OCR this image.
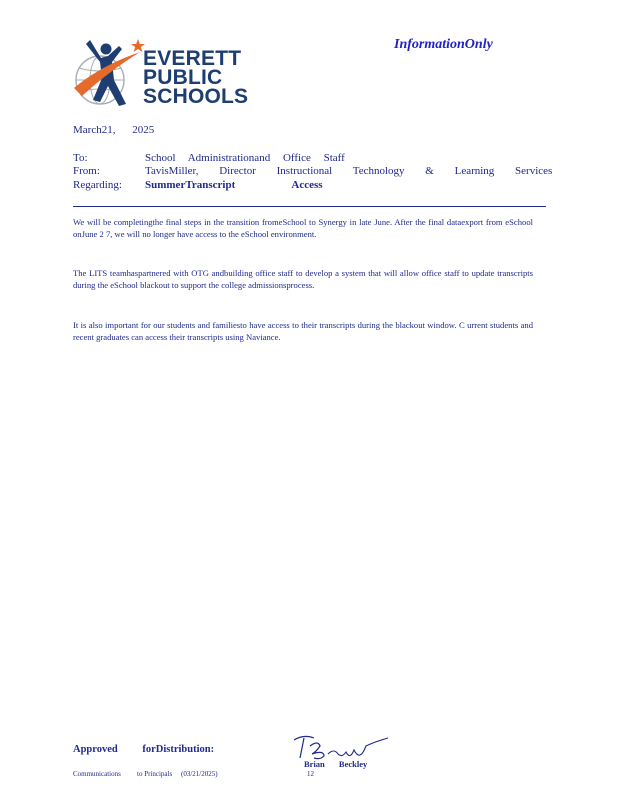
EVERETT
PUBLIC
SCHOOLS
InformationOnly
March21, 2025
To:	School Administrationand Office Staff
From:	TavisMiller, Director Instructional Technology & Learning Services
Regarding: SummerTranscript Access
We will be completingthe final steps in the transition fromeSchool to Synergy in late June. After the final dataexport from eSchool onJune 2 7, we will no longer have access to the eSchool environment.
The LITS teamhaspartnered with OTG andbuilding office staff to develop a system that will allow office staff to update transcripts during the eSchool blackout to support the college admissionsprocess.
It is also important for our students and familiesto have access to their transcripts during the blackout window. C urrent students and recent graduates can access their transcripts using Naviance.
Approved forDistribution:
Brian Beckley
Communications to Principals (03/21/2025)	12
